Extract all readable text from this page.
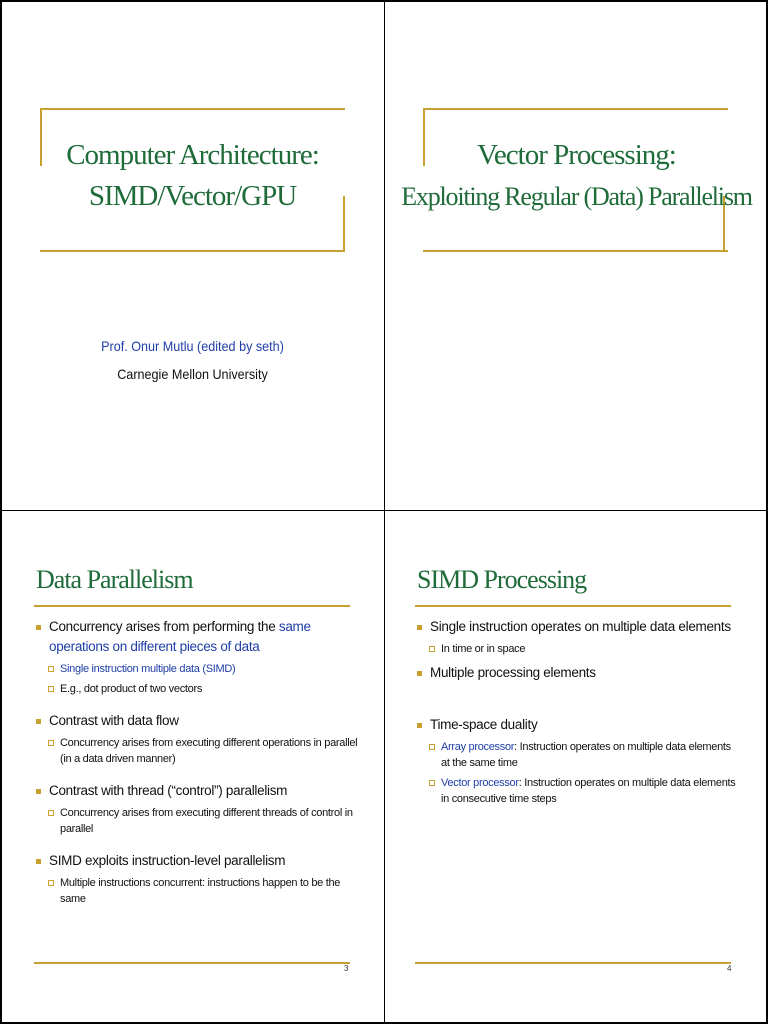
Computer Architecture:
SIMD/Vector/GPU
Prof. Onur Mutlu (edited by seth)
Carnegie Mellon University
Vector Processing:
Exploiting Regular (Data) Parallelism
Data Parallelism
Concurrency arises from performing the same operations on different pieces of data
Single instruction multiple data (SIMD)
E.g., dot product of two vectors
Contrast with data flow
Concurrency arises from executing different operations in parallel (in a data driven manner)
Contrast with thread (“control”) parallelism
Concurrency arises from executing different threads of control in parallel
SIMD exploits instruction-level parallelism
Multiple instructions concurrent: instructions happen to be the same
3
SIMD Processing
Single instruction operates on multiple data elements
In time or in space
Multiple processing elements
Time-space duality
Array processor: Instruction operates on multiple data elements at the same time
Vector processor: Instruction operates on multiple data elements in consecutive time steps
4
